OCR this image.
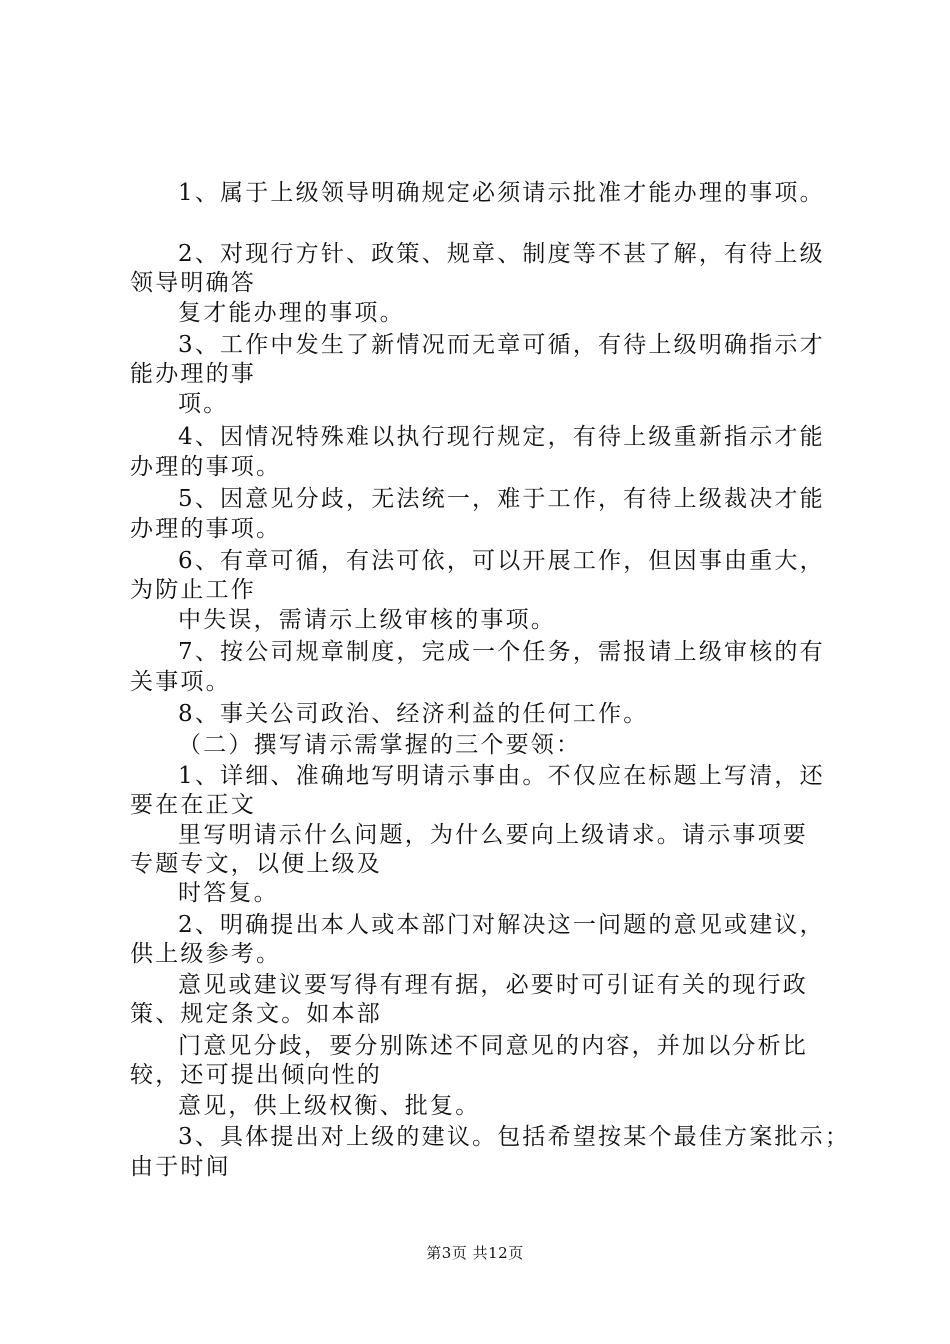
1、属于上级领导明确规定必须请示批准才能办理的事项。
2、对现行方针、政策、规章、制度等不甚了解，有待上级
领导明确答
复才能办理的事项。
3、工作中发生了新情况而无章可循，有待上级明确指示才
能办理的事
项。
4、因情况特殊难以执行现行规定，有待上级重新指示才能
办理的事项。
5、因意见分歧，无法统一，难于工作，有待上级裁决才能
办理的事项。
6、有章可循，有法可依，可以开展工作，但因事由重大，
为防止工作
中失误，需请示上级审核的事项。
7、按公司规章制度，完成一个任务，需报请上级审核的有
关事项。
8、事关公司政治、经济利益的任何工作。
（二）撰写请示需掌握的三个要领：
1、详细、准确地写明请示事由。不仅应在标题上写清，还
要在在正文
里写明请示什么问题，为什么要向上级请求。请示事项要
专题专文，以便上级及
时答复。
2、明确提出本人或本部门对解决这一问题的意见或建议，
供上级参考。
意见或建议要写得有理有据，必要时可引证有关的现行政
策、规定条文。如本部
门意见分歧，要分别陈述不同意见的内容，并加以分析比
较，还可提出倾向性的
意见，供上级权衡、批复。
3、具体提出对上级的建议。包括希望按某个最佳方案批示；
由于时间
第3页 共12页
